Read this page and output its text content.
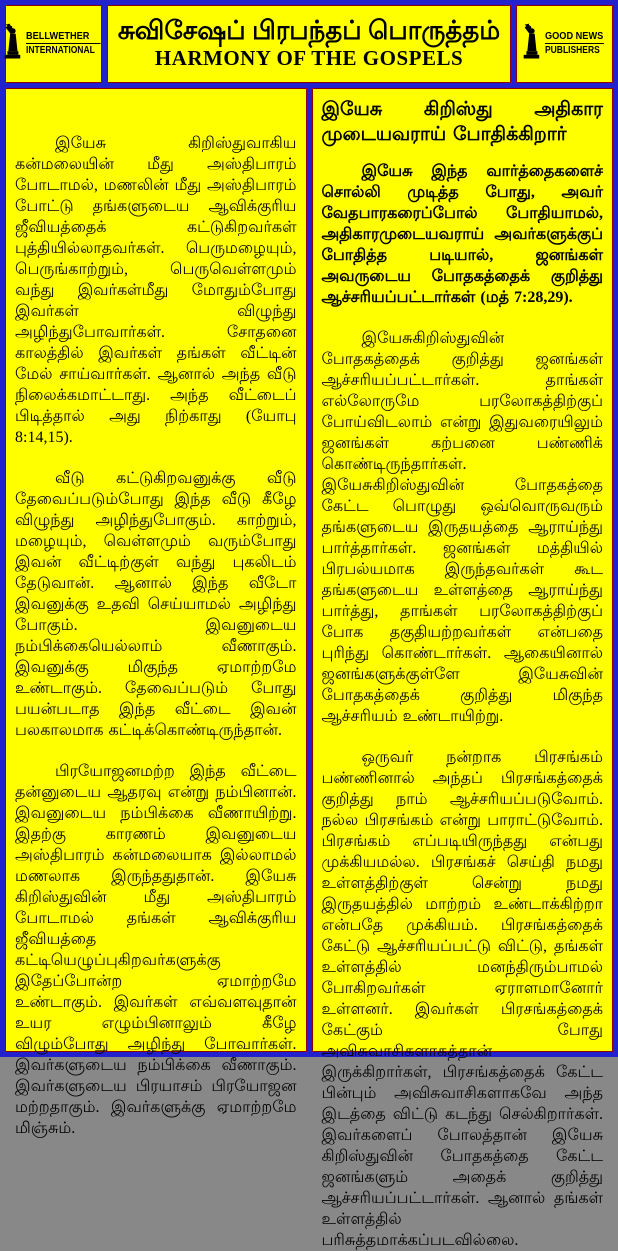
BELLWETHER
INTERNATIONAL
சுவிசேஷப் பிரபந்தப் பொருத்தம்
HARMONY OF THE GOSPELS
GOOD NEWS
PUBLISHERS

இயேசு கிறிஸ்துவாகிய கன்மலையின் மீது அஸ்திபாரம் போடாமல், மணலின் மீது அஸ்திபாரம் போட்டு தங்களுடைய ஆவிக்குரிய ஜீவியத்தைக் கட்டுகிறவர்கள் புத்தியில்லாதவர்கள். பெருமழையும், பெருங்காற்றும், பெருவெள்ளமும் வந்து இவர்கள்மீது மோதும்போது இவர்கள் விழுந்து அழிந்துபோவார்கள். சோதனை காலத்தில் இவர்கள் தங்கள் வீட்டின் மேல் சாய்வார்கள். ஆனால் அந்த வீடு நிலைக்கமாட்டாது. அந்த வீட்டைப் பிடித்தால் அது நிற்காது (யோபு 8:14,15).

வீடு கட்டுகிறவனுக்கு வீடு தேவைப்படும்போது இந்த வீடு கீழே விழுந்து அழிந்துபோகும். காற்றும், மழையும், வெள்ளமும் வரும்போது இவன் வீட்டிற்குள் வந்து புகலிடம் தேடுவான். ஆனால் இந்த வீடோ இவனுக்கு உதவி செய்யாமல் அழிந்து போகும். இவனுடைய நம்பிக்கையெல்லாம் வீணாகும். இவனுக்கு மிகுந்த ஏமாற்றமே உண்டாகும். தேவைப்படும் போது பயன்படாத இந்த வீட்டை இவன் பலகாலமாக கட்டிக்கொண்டிருந்தான்.

பிரயோஜனமற்ற இந்த வீட்டை தன்னுடைய ஆதரவு என்று நம்பினான். இவனுடைய நம்பிக்கை வீணாயிற்று. இதற்கு காரணம் இவனுடைய அஸ்திபாரம் கன்மலையாக இல்லாமல் மணலாக இருந்ததுதான். இயேசு கிறிஸ்துவின் மீது அஸ்திபாரம் போடாமல் தங்கள் ஆவிக்குரிய ஜீவியத்தை கட்டியெழுப்புகிறவர்களுக்கு இதேப்போன்ற ஏமாற்றமே உண்டாகும். இவர்கள் எவ்வளவுதான் உயர எழும்பினாலும் கீழே விழும்போது அழிந்து போவார்கள். இவர்களுடைய நம்பிக்கை வீணாகும். இவர்களுடைய பிரயாசம் பிரயோஜன மற்றதாகும். இவர்களுக்கு ஏமாற்றமே மிஞ்சும்.

இயேசு கிறிஸ்து அதிகார முடையவராய் போதிக்கிறார்

இயேசு இந்த வார்த்தைகளைச் சொல்லி முடித்த போது, அவர் வேதபாரகரைப்போல் போதியாமல், அதிகாரமுடையவராய் அவர்களுக்குப் போதித்த படியால், ஜனங்கள் அவருடைய போதகத்தைக் குறித்து ஆச்சரியப்பட்டார்கள் (மத் 7:28,29).

இயேசுகிறிஸ்துவின் போதகத்தைக் குறித்து ஜனங்கள் ஆச்சரியப்பட்டார்கள். தாங்கள் எல்லோருமே பரலோகத்திற்குப் போய்விடலாம் என்று இதுவரையிலும் ஜனங்கள் கற்பனை பண்ணிக் கொண்டிருந்தார்கள். இயேசுகிறிஸ்துவின் போதகத்தை கேட்ட பொழுது ஒவ்வொருவரும் தங்களுடைய இருதயத்தை ஆராய்ந்து பார்த்தார்கள். ஜனங்கள் மத்தியில் பிரபல்யமாக இருந்தவர்கள் கூட தங்களுடைய உள்ளத்தை ஆராய்ந்து பார்த்து, தாங்கள் பரலோகத்திற்குப் போக தகுதியற்றவர்கள் என்பதை புரிந்து கொண்டார்கள். ஆகையினால் ஜனங்களுக்குள்ளே இயேசுவின் போதகத்தைக் குறித்து மிகுந்த ஆச்சரியம் உண்டாயிற்று.

ஒருவர் நன்றாக பிரசங்கம் பண்ணினால் அந்தப் பிரசங்கத்தைக் குறித்து நாம் ஆச்சரியப்படுவோம். நல்ல பிரசங்கம் என்று பாராட்டுவோம். பிரசங்கம் எப்படியிருந்தது என்பது முக்கியமல்ல. பிரசங்கச் செய்தி நமது உள்ளத்திற்குள் சென்று நமது இருதயத்தில் மாற்றம் உண்டாக்கிற்றா என்பதே முக்கியம். பிரசங்கத்தைக் கேட்டு ஆச்சரியப்பட்டு விட்டு, தங்கள் உள்ளத்தில் மனந்திரும்பாமல் போகிறவர்கள் ஏராளமானோர் உள்ளனர். இவர்கள் பிரசங்கத்தைக் கேட்கும் போது அவிசுவாசிகளாகத்தான் இருக்கிறார்கள், பிரசங்கத்தைக் கேட்ட பின்பும் அவிசுவாசிகளாகவே அந்த இடத்தை விட்டு கடந்து செல்கிறார்கள். இவர்களைப் போலத்தான் இயேசு கிறிஸ்துவின் போதகத்தை கேட்ட ஜனங்களும் அதைக் குறித்து ஆச்சரியப்பட்டார்கள். ஆனால் தங்கள் உள்ளத்தில் பரிசுத்தமாக்கப்படவில்லை.
